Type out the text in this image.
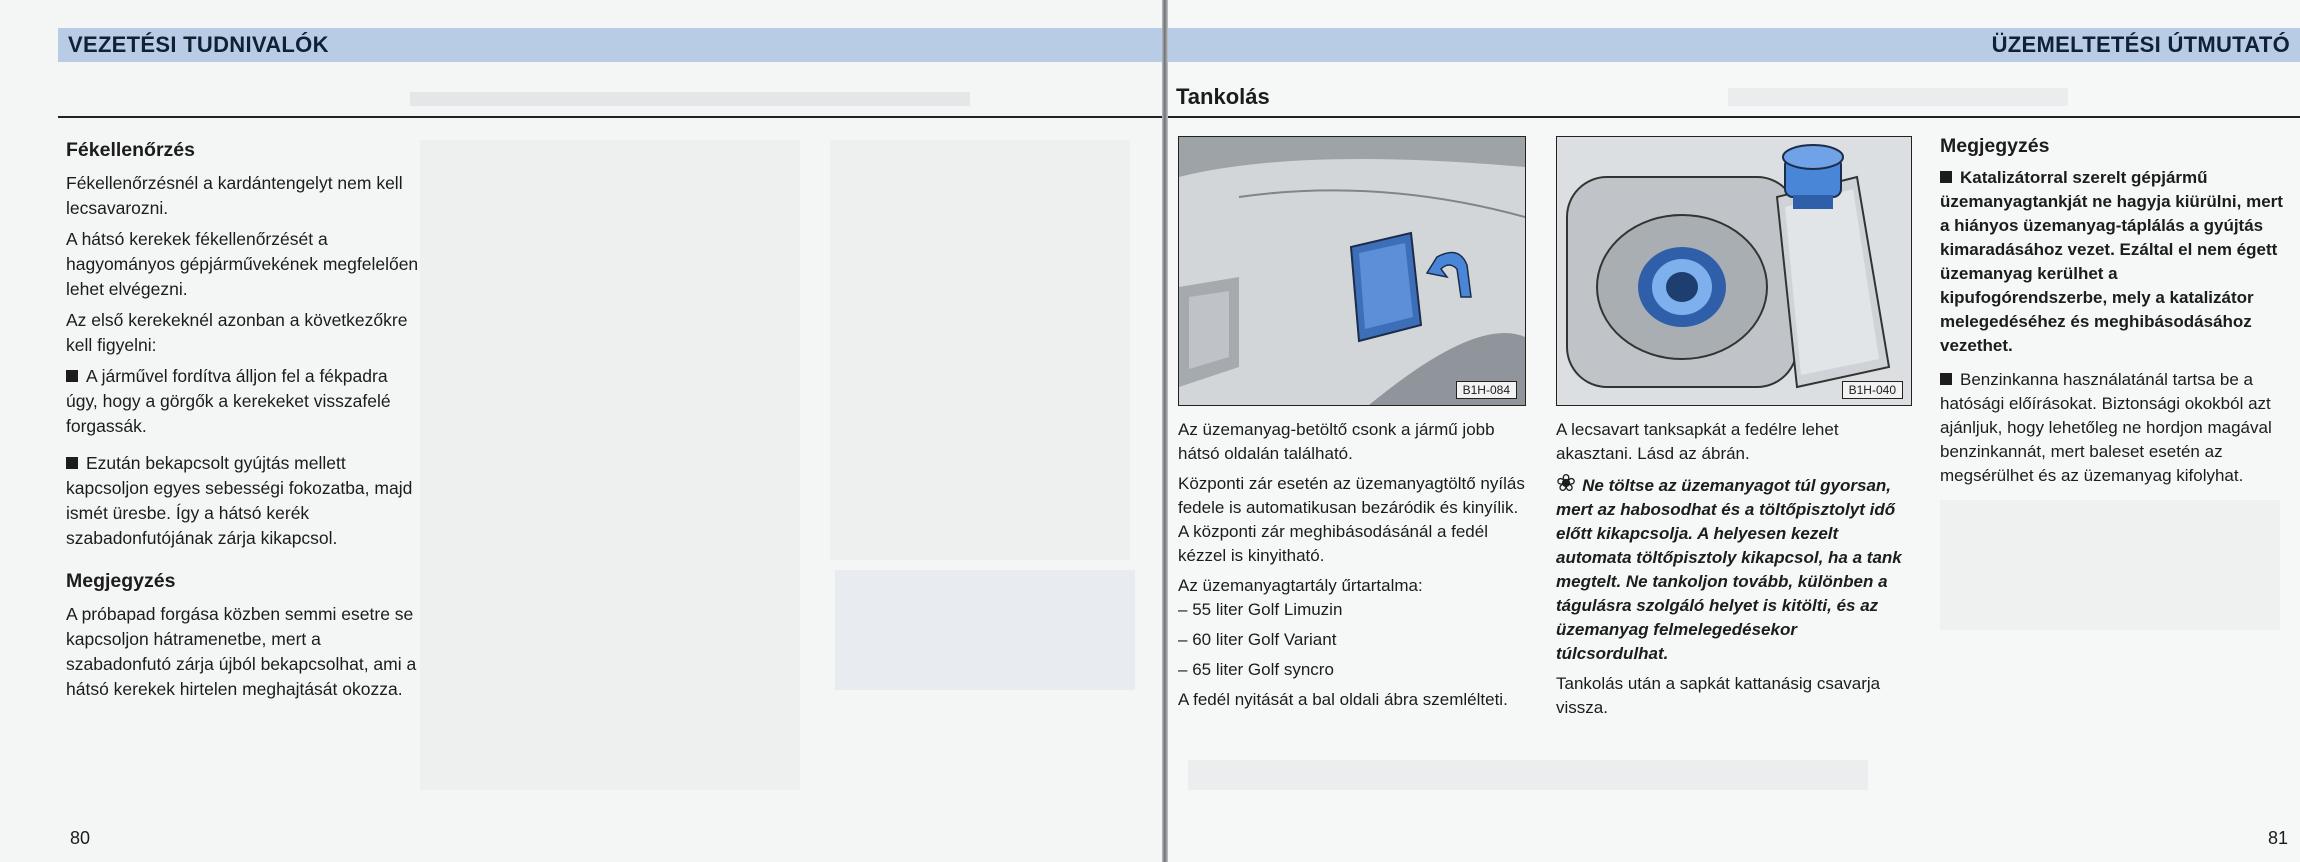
VEZETÉSI TUDNIVALÓK
Fékellenőrzés

Fékellenőrzésnél a kardántengelyt nem kell lecsavarozni.

A hátsó kerekek fékellenőrzését a hagyományos gépjárművekének megfelelően lehet elvégezni.

Az első kerekeknél azonban a következőkre kell figyelni:

A járművel fordítva álljon fel a fékpadra úgy, hogy a görgők a kerekeket visszafelé forgassák.

Ezután bekapcsolt gyújtás mellett kapcsoljon egyes sebességi fokozatba, majd ismét üresbe. Így a hátsó kerék szabadonfutójának zárja kikapcsol.

Megjegyzés

A próbapad forgása közben semmi esetre se kapcsoljon hátramenetbe, mert a szabadonfutó zárja újból bekapcsolhat, ami a hátsó kerekek hirtelen meghajtását okozza.

80
ÜZEMELTETÉSI ÚTMUTATÓ
Tankolás
B1H-084	B1H-040

Az üzemanyag-betöltő csonk a jármű jobb hátsó oldalán található.

Központi zár esetén az üzemanyagtöltő nyílás fedele is automatikusan bezáródik és kinyílik. A központi zár meghibásodásánál a fedél kézzel is kinyitható.

Az üzemanyagtartály űrtartalma:

– 55 liter Golf Limuzin

– 60 liter Golf Variant

– 65 liter Golf syncro

A fedél nyitását a bal oldali ábra szemlélteti.

A lecsavart tanksapkát a fedélre lehet akasztani. Lásd az ábrán.

❀ Ne töltse az üzemanyagot túl gyorsan, mert az habosodhat és a töltőpisztolyt idő előtt kikapcsolja. A helyesen kezelt automata töltőpisztoly kikapcsol, ha a tank megtelt. Ne tankoljon tovább, különben a tágulásra szolgáló helyet is kitölti, és az üzemanyag felmelegedésekor túlcsordulhat.

Tankolás után a sapkát kattanásig csavarja vissza.

Megjegyzés

Katalizátorral szerelt gépjármű üzemanyagtankját ne hagyja kiürülni, mert a hiányos üzemanyag-táplálás a gyújtás kimaradásához vezet. Ezáltal el nem égett üzemanyag kerülhet a kipufogórendszerbe, mely a katalizátor melegedéséhez és meghibásodásához vezethet.

Benzinkanna használatánál tartsa be a hatósági előírásokat. Biztonsági okokból azt ajánljuk, hogy lehetőleg ne hordjon magával benzinkannát, mert baleset esetén az megsérülhet és az üzemanyag kifolyhat.

81
